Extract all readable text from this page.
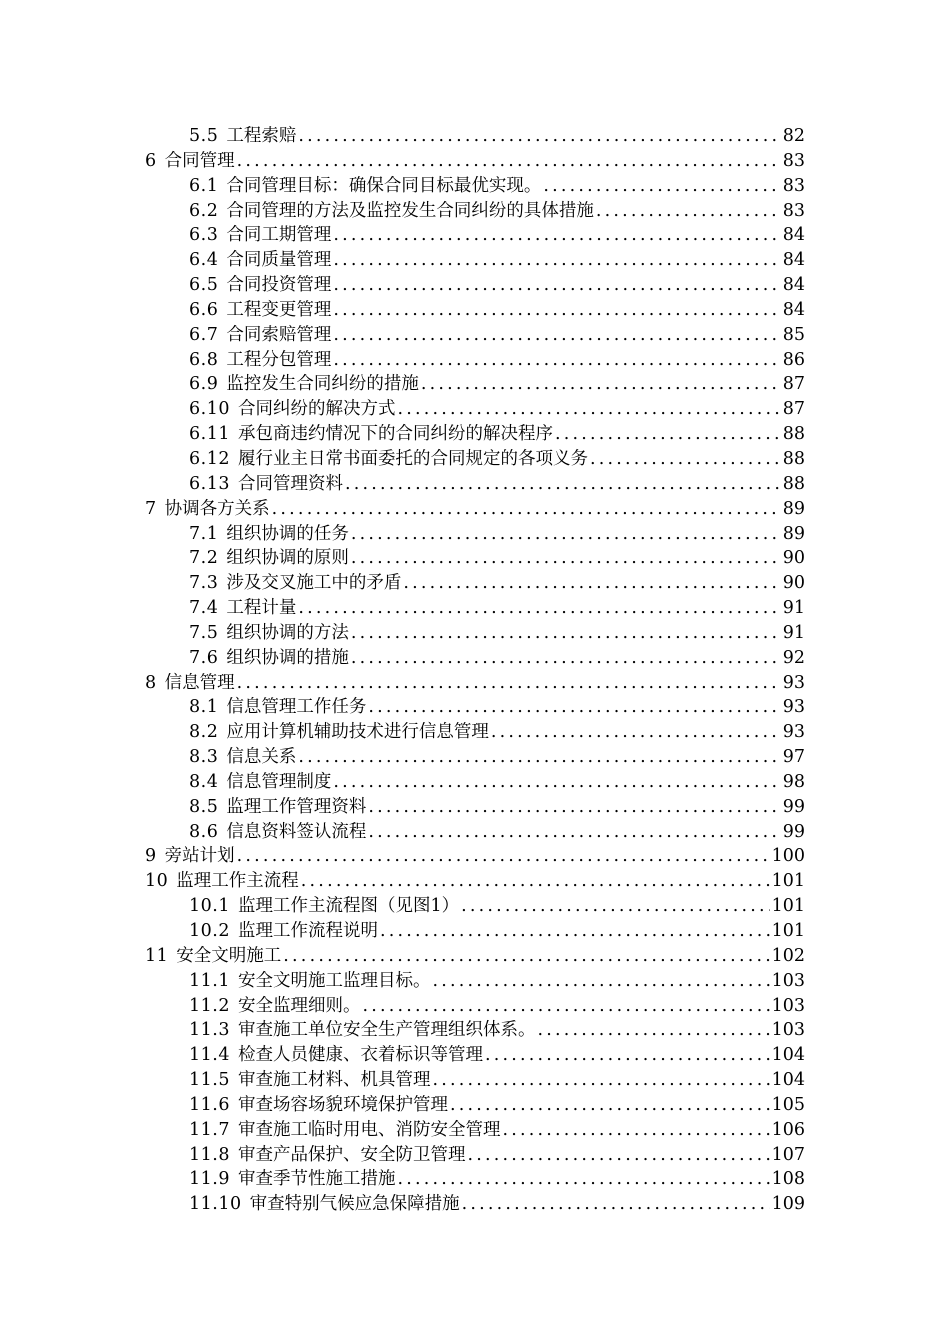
5.5 工程索赔 .....	82
6 合同管理 .....	83
6.1 合同管理目标：确保合同目标最优实现。 .....	83
6.2 合同管理的方法及监控发生合同纠纷的具体措施 .....	83
6.3 合同工期管理 .....	84
6.4 合同质量管理 .....	84
6.5 合同投资管理 .....	84
6.6 工程变更管理 .....	84
6.7 合同索赔管理 .....	85
6.8 工程分包管理 .....	86
6.9 监控发生合同纠纷的措施 .....	87
6.10 合同纠纷的解决方式 .....	87
6.11 承包商违约情况下的合同纠纷的解决程序 .....	88
6.12 履行业主日常书面委托的合同规定的各项义务 .....	88
6.13 合同管理资料 .....	88
7 协调各方关系 .....	89
7.1 组织协调的任务 .....	89
7.2 组织协调的原则 .....	90
7.3 涉及交叉施工中的矛盾 .....	90
7.4 工程计量 .....	91
7.5 组织协调的方法 .....	91
7.6 组织协调的措施 .....	92
8 信息管理 .....	93
8.1 信息管理工作任务 .....	93
8.2 应用计算机辅助技术进行信息管理 .....	93
8.3 信息关系 .....	97
8.4 信息管理制度 .....	98
8.5 监理工作管理资料 .....	99
8.6 信息资料签认流程 .....	99
9 旁站计划 .....	100
10 监理工作主流程 .....	101
10.1 监理工作主流程图（见图1） .....	101
10.2 监理工作流程说明 .....	101
11 安全文明施工 .....	102
11.1 安全文明施工监理目标。 .....	103
11.2 安全监理细则。 .....	103
11.3 审查施工单位安全生产管理组织体系。 .....	103
11.4 检查人员健康、衣着标识等管理 .....	104
11.5 审查施工材料、机具管理 .....	104
11.6 审查场容场貌环境保护管理 .....	105
11.7 审查施工临时用电、消防安全管理 .....	106
11.8 审查产品保护、安全防卫管理 .....	107
11.9 审查季节性施工措施 .....	108
11.10 审查特别气候应急保障措施 .....	109
